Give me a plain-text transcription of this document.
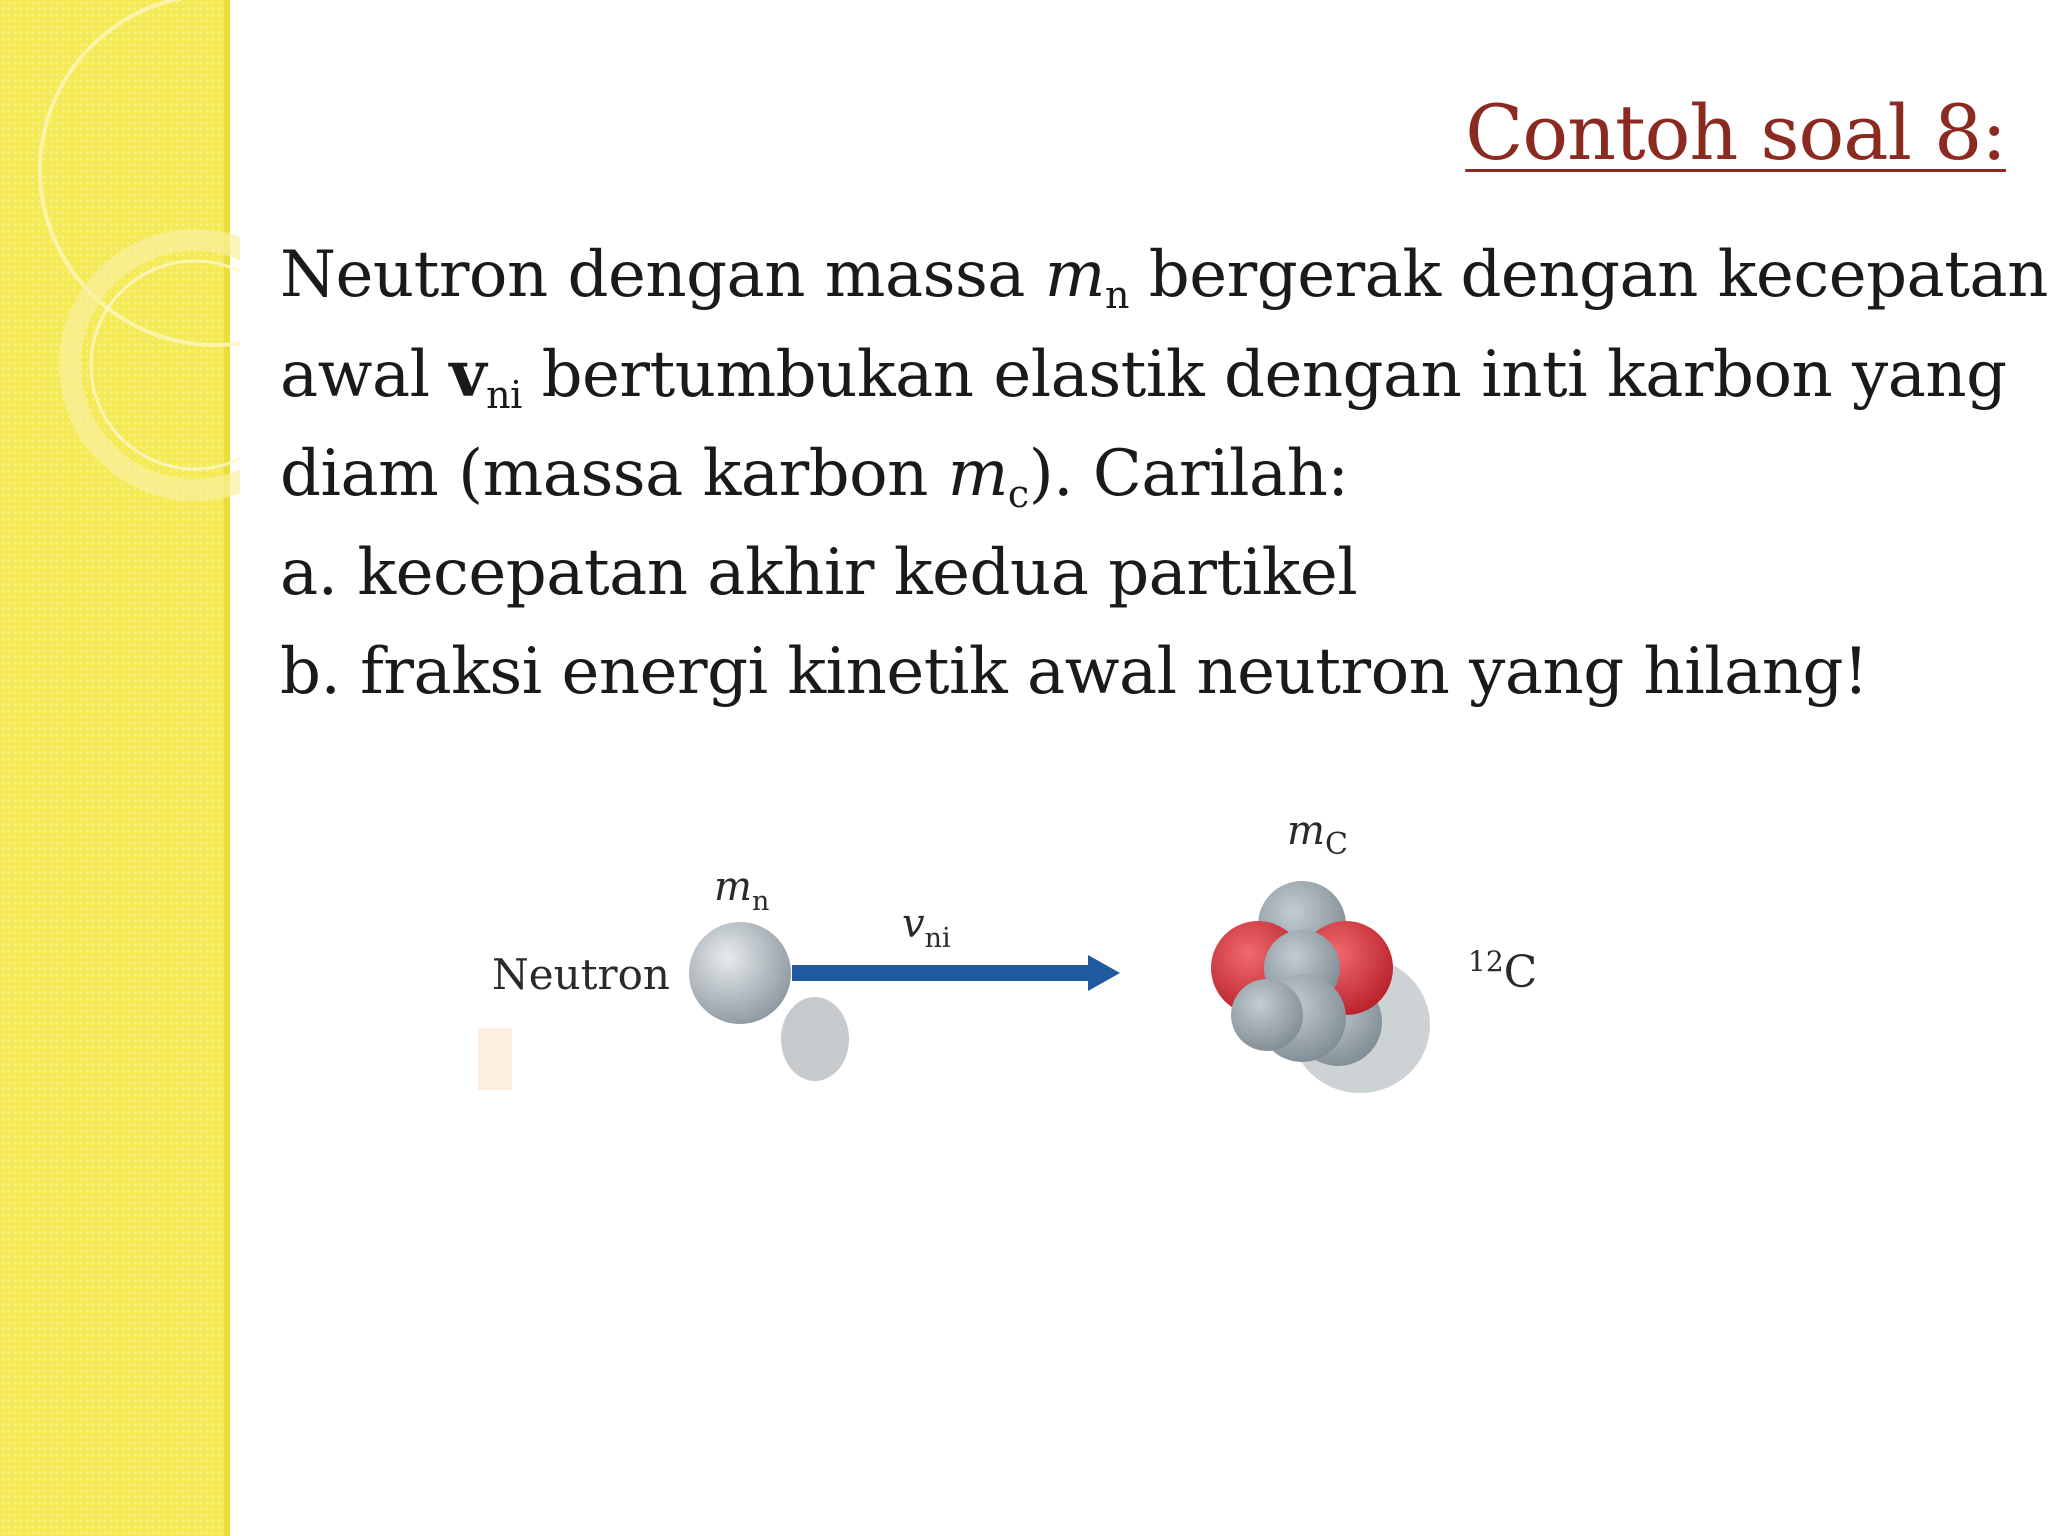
Contoh soal 8:
Neutron dengan massa $m_n$ bergerak dengan kecepatan
awal $v_{ni}$ bertumbukan elastik dengan inti karbon yang
diam (massa karbon $m_c$). Carilah:
a. kecepatan akhir kedua partikel
b. fraksi energi kinetik awal neutron yang hilang!
Neutron
$m_n$	$v_{ni}$
$m_C$
$^{12}$C
